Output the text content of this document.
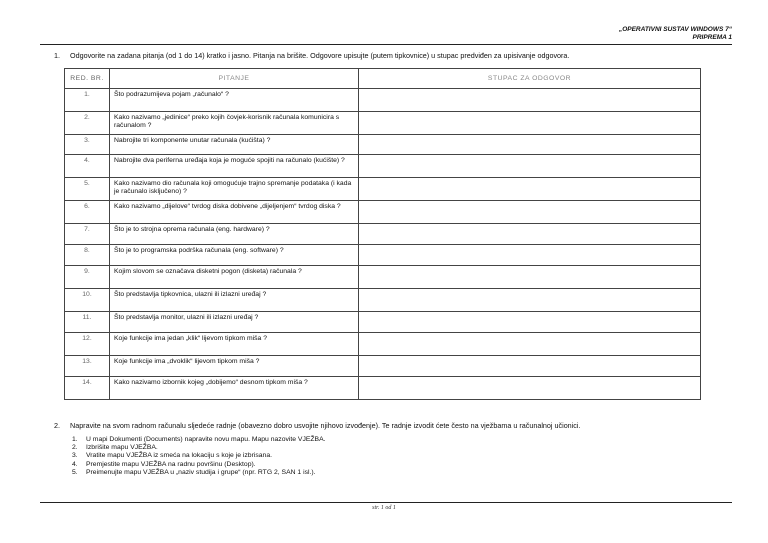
„OPERATIVNI SUSTAV WINDOWS 7“
PRIPREMA 1
1. Odgovorite na zadana pitanja (od 1 do 14) kratko i jasno. Pitanja na brišite. Odgovore upisujte (putem tipkovnice) u stupac predviđen za upisivanje odgovora.
RED. BR.	PITANJE	STUPAC ZA ODGOVOR
1.	Što podrazumijeva pojam „računalo“ ?	
2.	Kako nazivamo „jedinice“ preko kojih čovjek-korisnik računala komunicira s računalom ?	
3.	Nabrojite tri komponente unutar računala (kućišta) ?	
4.	Nabrojite dva periferna uređaja koja je moguće spojiti na računalo (kućište) ?	
5.	Kako nazivamo dio računala koji omogućuje trajno spremanje podataka (i kada je računalo isključeno) ?	
6.	Kako nazivamo „dijelove“ tvrdog diska dobivene „dijeljenjem“ tvrdog diska ?	
7.	Što je to strojna oprema računala (eng. hardware) ?	
8.	Što je to programska podrška računala (eng. software) ?	
9.	Kojim slovom se označava disketni pogon (disketa) računala ?	
10.	Što predstavlja tipkovnica, ulazni ili izlazni uređaj ?	
11.	Što predstavlja monitor, ulazni ili izlazni uređaj ?	
12.	Koje funkcije ima jedan „klik“ lijevom tipkom miša ?	
13.	Koje funkcije ima „dvoklik“ lijevom tipkom miša ?	
14.	Kako nazivamo izbornik kojeg „dobijemo“ desnom tipkom miša ?	
2. Napravite na svom radnom računalu sljedeće radnje (obavezno dobro usvojite njihovo izvođenje). Te radnje izvodit ćete često na vježbama u računalnoj učionici.
1. U mapi Dokumenti (Documents) napravite novu mapu. Mapu nazovite VJEŽBA.
2. Izbrišite mapu VJEŽBA.
3. Vratite mapu VJEŽBA iz smeća na lokaciju s koje je izbrisana.
4. Premjestite mapu VJEŽBA na radnu površinu (Desktop).
5. Preimenujte mapu VJEŽBA u „naziv studija i grupe“ (npr. RTG 2, SAN 1 isl.).
str. 1 od 1
